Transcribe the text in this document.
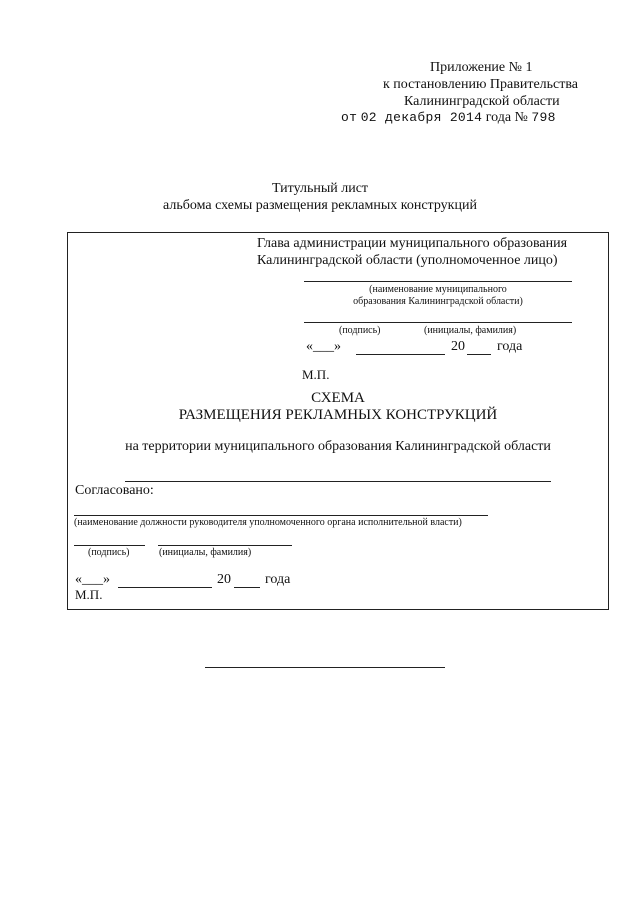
Приложение № 1
к постановлению Правительства
Калининградской области
от 02 декабря 2014 года № 798
Титульный лист
альбома схемы размещения рекламных конструкций
Глава администрации муниципального образования
Калининградской области (уполномоченное лицо)
(наименование муниципального
образования Калининградской области)
(подпись)	(инициалы, фамилия)
«___»	20 года
М.П.
СХЕМА
РАЗМЕЩЕНИЯ РЕКЛАМНЫХ КОНСТРУКЦИЙ
на территории муниципального образования Калининградской области
Согласовано:
(наименование должности руководителя уполномоченного органа исполнительной власти)
(подпись)	(инициалы, фамилия)
«___»	20 года
М.П.
